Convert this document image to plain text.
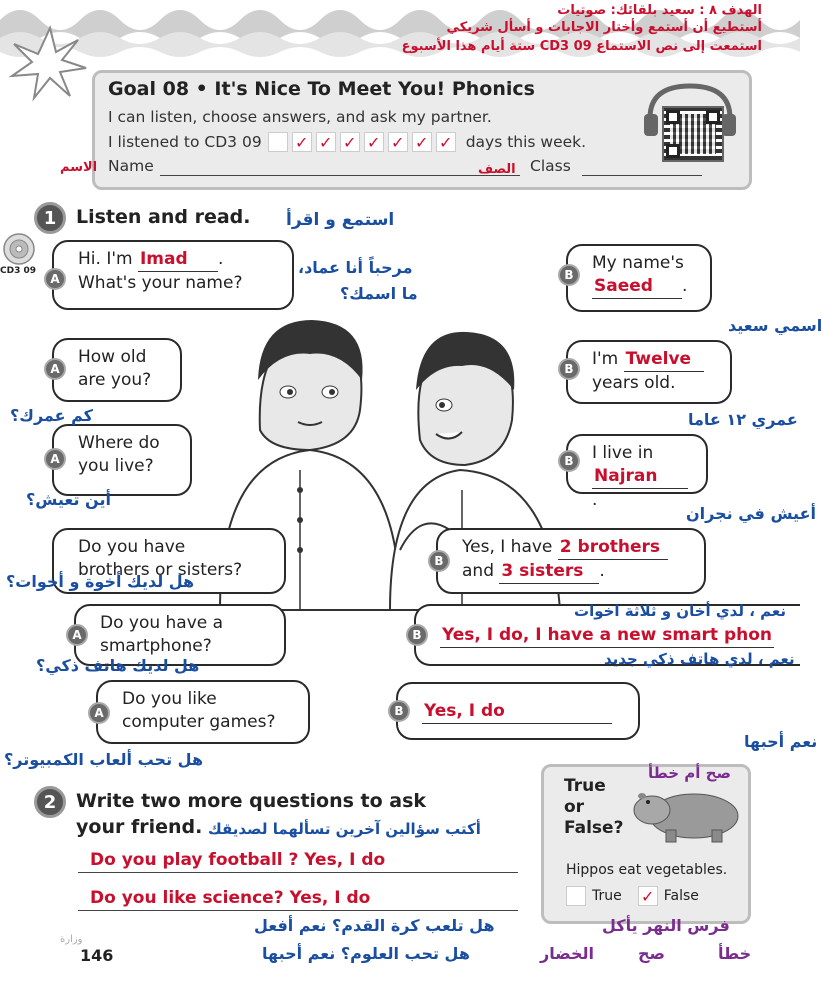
الهدف ٨ : سعيد بلقائك: صوتيات
أستطيع أن أستمع وأختار الاجابات و أسأل شريكي
استمعت إلى نص الاستماع CD3 09 ستة أيام هذا الأسبوع
Goal 08 • It's Nice To Meet You! Phonics
I can listen, choose answers, and ask my partner.
I listened to CD3 09 ✓ ✓ ✓ ✓ ✓ ✓ ✓ days this week.
Name	Class
الاسم	الصف
CD3 09
1	Listen and read. استمع و اقرأ
Hi. I'm Imad .
What's your name?
A
How old
are you?
A
Where do
you live?
A
Do you have
brothers or sisters?
Do you have a
smartphone?
A
Do you like
computer games?
A
My name's
Saeed .
B
I'm Twelve
years old.
B
I live in
Najran.
B
Yes, I have 2 brothers
and 3 sisters .
B
Yes, I do, I have a new smart phon
B
Yes, I do
B
مرحباً أنا عماد،
ما اسمك؟
اسمي سعيد
كم عمرك؟	عمري ١٢ عاما
أين تعيش؟
أعيش في نجران
هل لديك أخوة و أخوات؟
نعم ، لدي أخان و ثلاثة اخوات
هل لديك هاتف ذكي؟	نعم ، لدي هاتف ذكي جديد
هل تحب ألعاب الكمبيوتر؟
نعم أحبها
2	Write two more questions to ask
your friend. أكتب سؤالين آخرين تسألهما لصديقك
Do you play football ? Yes, I do
Do you like science? Yes, I do
هل تلعب كرة القدم؟ نعم أفعل
هل تحب العلوم؟ نعم أحبها
True
or
False?
صح أم خطأ
Hippos eat vegetables.
True ✓ False
فرس النهر يأكل
الخضار	صح	خطأ
وزارة
146
